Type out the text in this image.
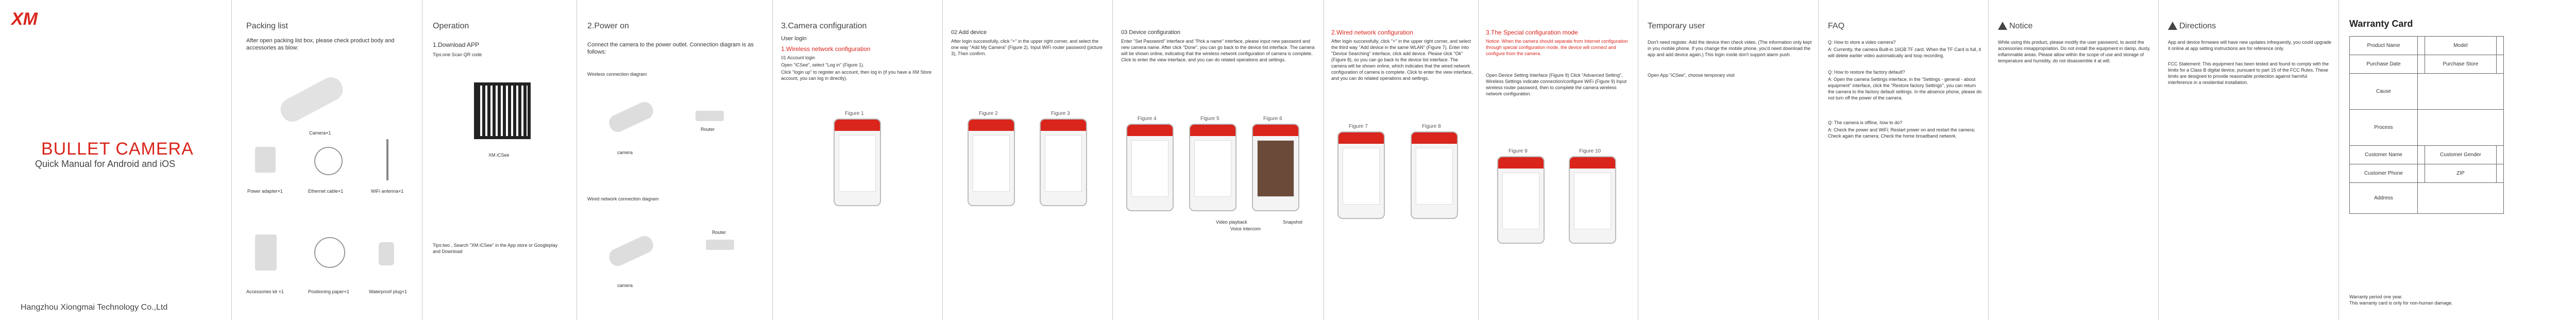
XM
BULLET CAMERA
Quick Manual for Android and iOS
Hangzhou Xiongmai Technology Co.,Ltd
Packing list
After open packing list box, please check product body and accessories as blow:
Camera×1
Power adapter×1	Ethernet cable×1	WiFi antenna×1
Accessories kit ×1	Positioning paper×1	Waterproof plug×1
Operation
1.Download APP
Tips:one Scan QR code
XM iCSee
Tips:two , Search "XM iCSee" in the App store or Googleplay and Download
2.Power on
Connect the camera to the power outlet. Connection diagram is as follows:
Wireless connection diagram
Router
camera
Wired network connection diagram
Router
camera
3.Camera configuration
User login
1.Wireless network configuration
01 Account login
Open "iCSee", select "Log in" (Figure 1).
Click "login up" to register an account, then log in (if you have a XM Store account, you can log in directly).
Figure 1
02 Add device
After login successfully, click "+" in the upper right corner, and select the one way "Add My Camera" (Figure 2). Input WiFi router password (picture 3), Then confirm.
Figure 2	Figure 3
03 Device configuration
Enter "Set Password" interface and "Pick a name" interface, please input new password and new camera name. After click "Done", you can go back to the device list interface. The camera will be shown online, indicating that the wireless network configuration of camera is complete. Click to enter the view interface, and you can do related operations and settings.
Figure 4	Figure 5	Figure 6
Video playback
Voice intercom
Snapshot
2.Wired network configuration
After login successfully, click "+" in the upper right corner, and select the third way "Add device in the same WLAN" (Figure 7). Enter into "Device Searching" interface, click add device. Please click "Ok" (Figure 8), so you can go back to the device list interface. The camera will be shown online, which indicates that the wired network configuration of camera is complete. Click to enter the view interface, and you can do related operations and settings.
Figure 7	Figure 8
3.The Special configuration mode
Notice: When the camera should separate from Internet configuration through special configuration mode, the device will connect and configure from the camera.
Open Device Setting Interface (Figure 9) Click "Advanced Setting", Wireless Settings indicate connection/configure WiFi (Figure 9) Input wireless router password, then to complete the camera wireless network configuration.
Figure 9	Figure 10
Temporary user
Don't need register. Add the device then check video. (The information only kept in you mobile phone. If you change the mobile phone, you'd need download the app and add device again.) This login mode don't support alarm push.
Open App "iCSee", choose temporary visit
FAQ
Q: How to store a video camera?
A: Currently, the camera Built-in 16GB TF card. When the TF Card is full, it will delete earlier video automatically and loop recording.
Q: How to restore the factory default?
A: Open the camera Settings interface, in the "Settings - general - about equipment" interface, click the "Restore factory Settings", you can return the camera to the factory default settings. In the absence phone, please do not turn off the power of the camera.
Q: The camera is offline, how to do?
A: Check the power and WiFi; Restart power on and restart the camera; Check again the camera; Check the home broadband network.
Notice
While using this product, please modify the user password, to avoid the accessories misappropriation. Do not install the equipment in damp, dusty, inflammable areas. Please allow within the scope of use and storage of temperature and humidity, do not disassemble it at will.
Directions
App and device firmware will have new updates infrequently, you could upgrade it online at app setting instructions are for reference only.
FCC Statement: This equipment has been tested and found to comply with the limits for a Class B digital device, pursuant to part 15 of the FCC Rules. These limits are designed to provide reasonable protection against harmful interference in a residential installation.
Warranty Card
Product Name		Model	
Purchase Date		Purchase Store	
Cause			
Process			
Customer Name		Customer Gender	
Customer Phone		ZIP	
Address			
Warranty period one year.
This warranty card is only for non-human damage.
